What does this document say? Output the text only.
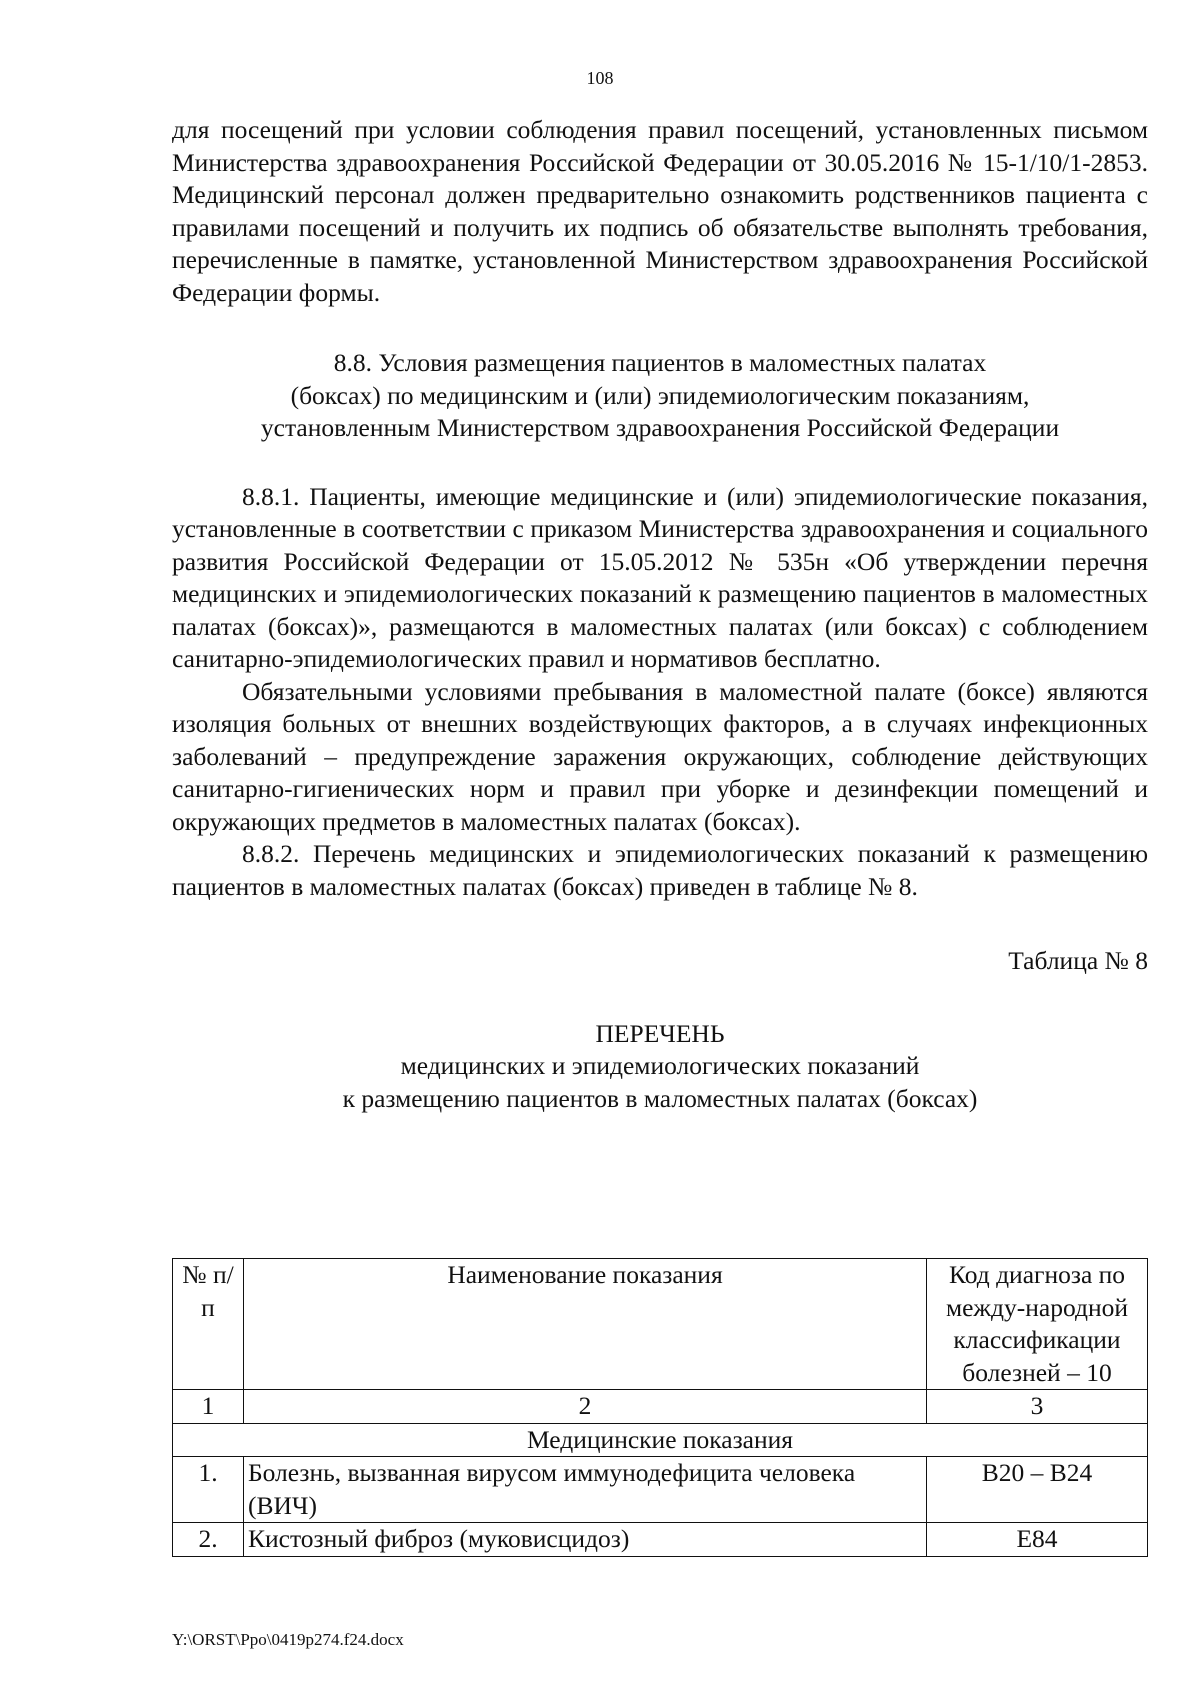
108

для посещений при условии соблюдения правил посещений, установленных письмом Министерства здравоохранения Российской Федерации от 30.05.2016 № 15-1/10/1-2853. Медицинский персонал должен предварительно ознакомить родственников пациента с правилами посещений и получить их подпись об обязательстве выполнять требования, перечисленные в памятке, установленной Министерством здравоохранения Российской Федерации формы.

8.8. Условия размещения пациентов в маломестных палатах
(боксах) по медицинским и (или) эпидемиологическим показаниям,
установленным Министерством здравоохранения Российской Федерации

8.8.1. Пациенты, имеющие медицинские и (или) эпидемиологические показания, установленные в соответствии с приказом Министерства здравоохранения и социального развития Российской Федерации от 15.05.2012 № 535н «Об утверждении перечня медицинских и эпидемиологических показаний к размещению пациентов в маломестных палатах (боксах)», размещаются в маломестных палатах (или боксах) с соблюдением санитарно-эпидемиологических правил и нормативов бесплатно.

Обязательными условиями пребывания в маломестной палате (боксе) являются изоляция больных от внешних воздействующих факторов, а в случаях инфекционных заболеваний – предупреждение заражения окружающих, соблюдение действующих санитарно-гигиенических норм и правил при уборке и дезинфекции помещений и окружающих предметов в маломестных палатах (боксах).

8.8.2. Перечень медицинских и эпидемиологических показаний к размещению пациентов в маломестных палатах (боксах) приведен в таблице № 8.

Таблица № 8
ПЕРЕЧЕНЬ
медицинских и эпидемиологических показаний
к размещению пациентов в маломестных палатах (боксах)
№ п/п	Наименование показания	Код диагноза по между-народной классификации болезней – 10
1	2	3
Медицинские показания		
1.	Болезнь, вызванная вирусом иммунодефицита человека (ВИЧ)	B20 – B24
2.	Кистозный фиброз (муковисцидоз)	E84
Y:\ORST\Ppo\0419p274.f24.docx
